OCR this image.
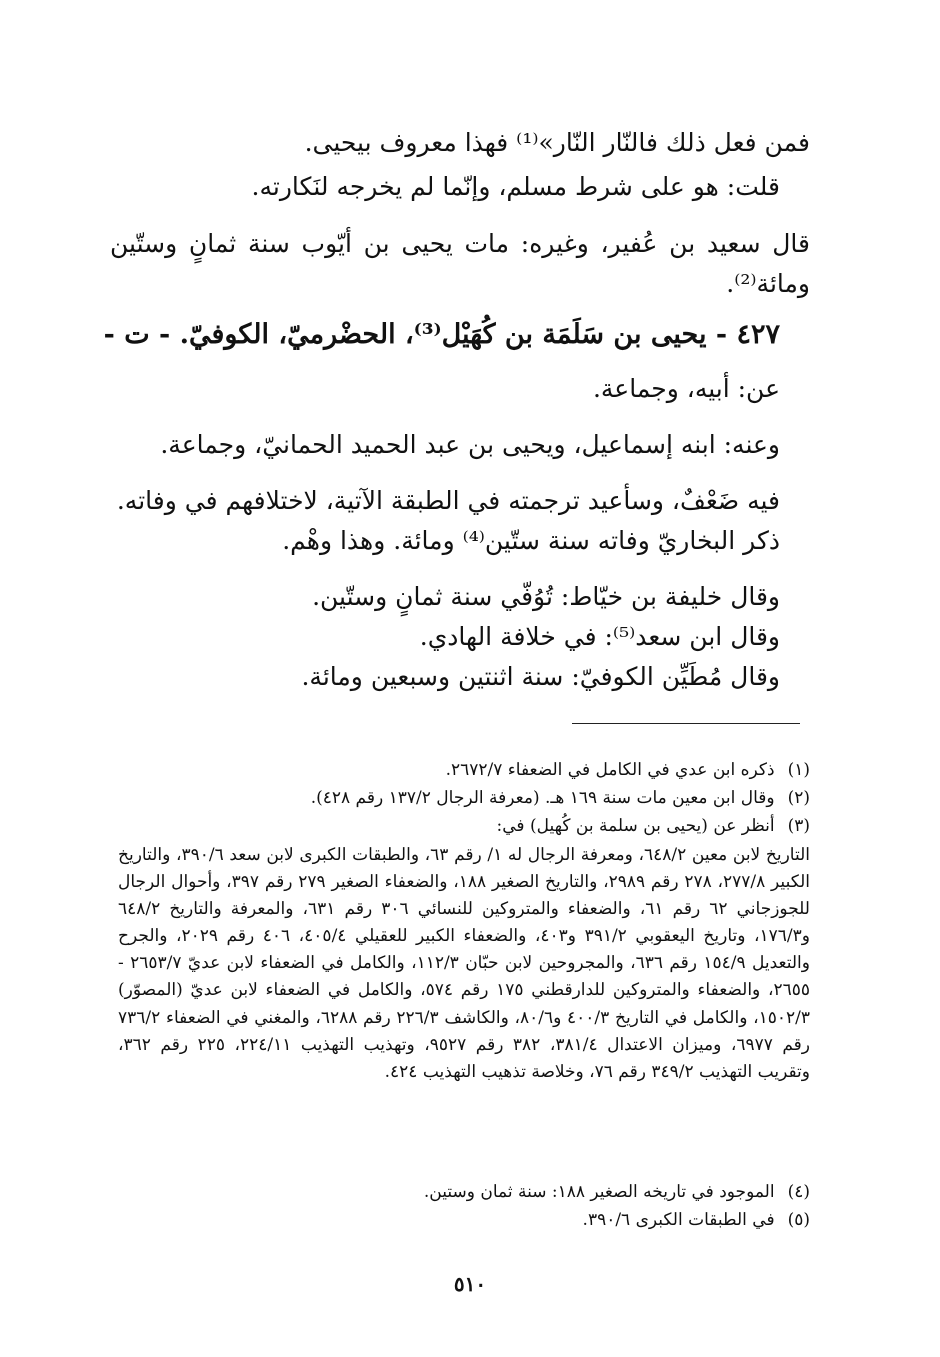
فمن فعل ذلك فالنّار النّار»⁽¹⁾ فهذا معروف بيحيى.
قلت: هو على شرط مسلم، وإنّما لم يخرجه لنَكارته.
قال سعيد بن عُفير، وغيره: مات يحيى بن أيّوب سنة ثمانٍ وستّين ومائة⁽²⁾.
٤٢٧ - يحيى بن سَلَمَة بن كُهَيْل⁽³⁾، الحضْرميّ، الكوفيّ. - ت -
عن: أبيه، وجماعة.
وعنه: ابنه إسماعيل، ويحيى بن عبد الحميد الحمانيّ، وجماعة.
فيه ضَعْفٌ، وسأعيد ترجمته في الطبقة الآتية، لاختلافهم في وفاته.
ذكر البخاريّ وفاته سنة ستّين⁽⁴⁾ ومائة. وهذا وهْم.
وقال خليفة بن خيّاط: تُوُفّي سنة ثمانٍ وستّين.
وقال ابن سعد⁽⁵⁾: في خلافة الهادي.
وقال مُطَيِّن الكوفيّ: سنة اثنتين وسبعين ومائة.
(١) ذكره ابن عدي في الكامل في الضعفاء ٢٦٧٢/٧.
(٢) وقال ابن معين مات سنة ١٦٩ هـ. (معرفة الرجال ١٣٧/٢ رقم ٤٢٨).
(٣) أنظر عن (يحيى بن سلمة بن كُهيل) في:
التاريخ لابن معين ٦٤٨/٢، ومعرفة الرجال له ١/ رقم ٦٣، والطبقات الكبرى لابن سعد ٣٩٠/٦، والتاريخ الكبير ٢٧٧/٨، ٢٧٨ رقم ٢٩٨٩، والتاريخ الصغير ١٨٨، والضعفاء الصغير ٢٧٩ رقم ٣٩٧، وأحوال الرجال للجوزجاني ٦٢ رقم ٦١، والضعفاء والمتروكين للنسائي ٣٠٦ رقم ٦٣١، والمعرفة والتاريخ ٦٤٨/٢ و١٧٦/٣، وتاريخ اليعقوبي ٣٩١/٢ و٤٠٣، والضعفاء الكبير للعقيلي ٤٠٥/٤، ٤٠٦ رقم ٢٠٢٩، والجرح والتعديل ١٥٤/٩ رقم ٦٣٦، والمجروحين لابن حبّان ١١٢/٣، والكامل في الضعفاء لابن عديّ ٢٦٥٣/٧ - ٢٦٥٥، والضعفاء والمتروكين للدارقطني ١٧٥ رقم ٥٧٤، والكامل في الضعفاء لابن عديّ (المصوّر) ١٥٠٢/٣، والكامل في التاريخ ٤٠٠/٣ و٨٠/٦، والكاشف ٢٢٦/٣ رقم ٦٢٨٨، والمغني في الضعفاء ٧٣٦/٢ رقم ٦٩٧٧، وميزان الاعتدال ٣٨١/٤، ٣٨٢ رقم ٩٥٢٧، وتهذيب التهذيب ٢٢٤/١١، ٢٢٥ رقم ٣٦٢، وتقريب التهذيب ٣٤٩/٢ رقم ٧٦، وخلاصة تذهيب التهذيب ٤٢٤.
(٤) الموجود في تاريخه الصغير ١٨٨: سنة ثمان وستين.
(٥) في الطبقات الكبرى ٣٩٠/٦.
٥١٠
